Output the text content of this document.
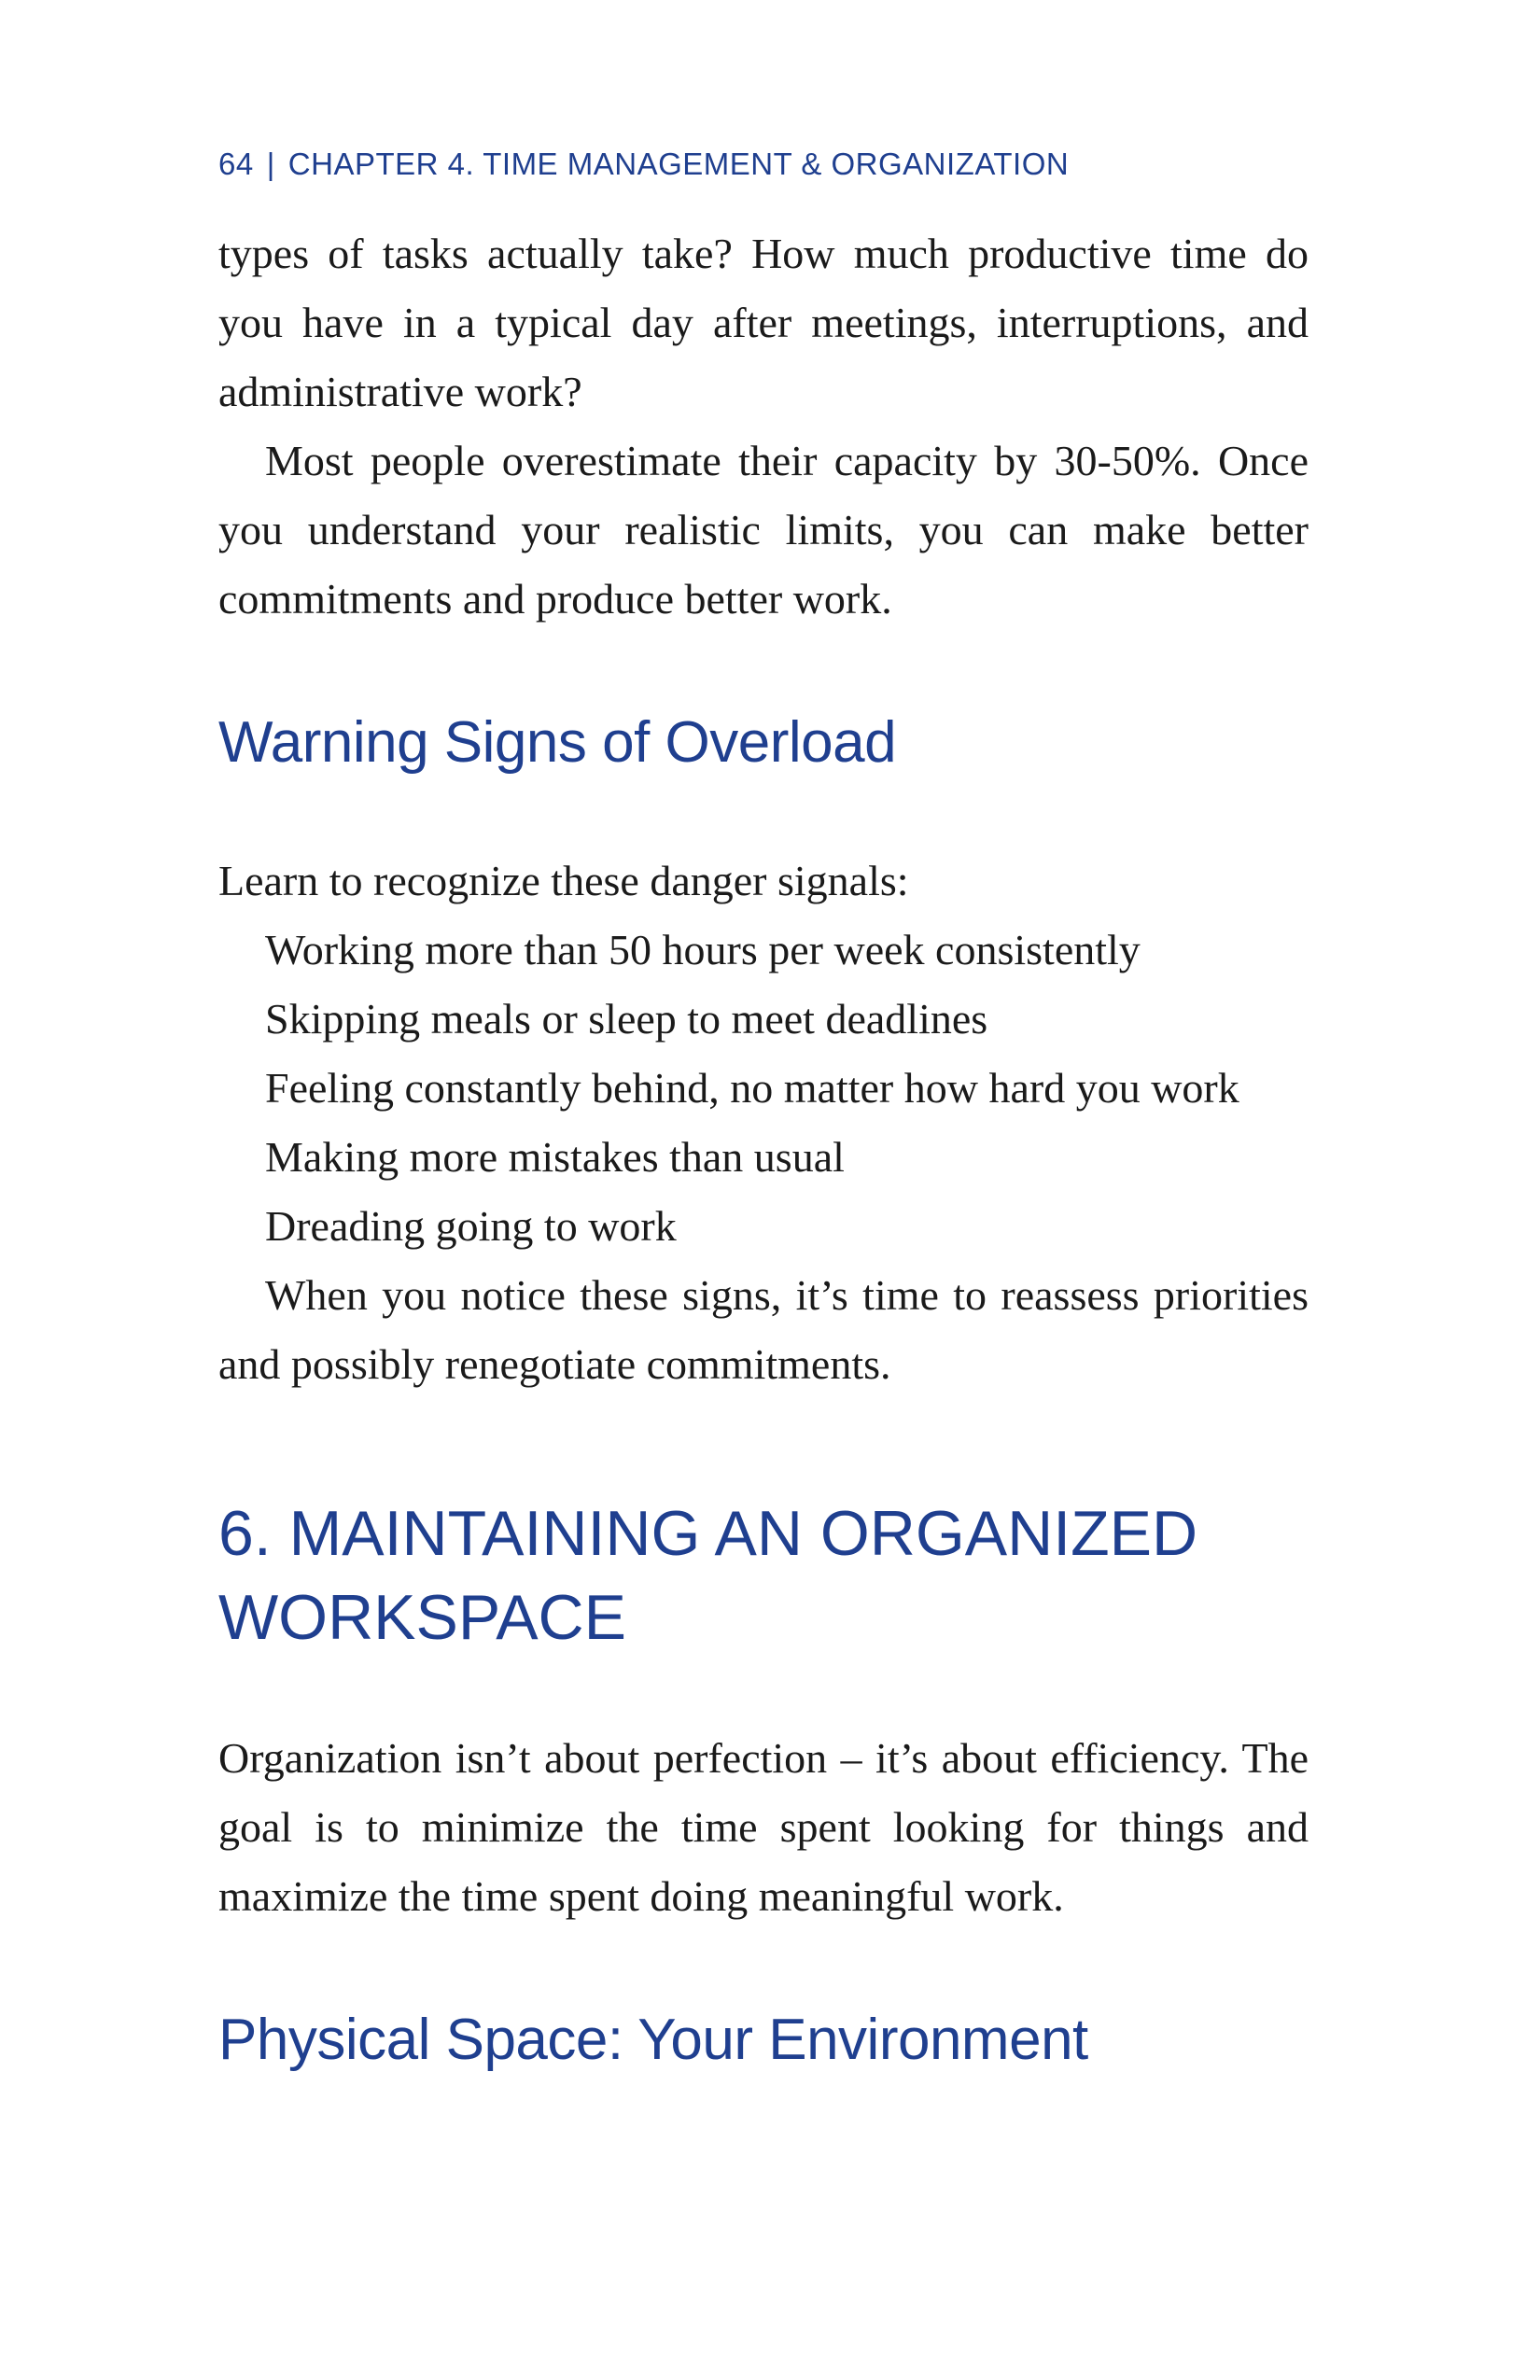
64 | CHAPTER 4. TIME MANAGEMENT & ORGANIZATION

types of tasks actually take? How much productive time do you have in a typical day after meetings, interruptions, and administrative work?

Most people overestimate their capacity by 30-50%. Once you understand your realistic limits, you can make better commitments and produce better work.

Warning Signs of Overload

Learn to recognize these danger signals:

Working more than 50 hours per week consistently

Skipping meals or sleep to meet deadlines

Feeling constantly behind, no matter how hard you work

Making more mistakes than usual

Dreading going to work

When you notice these signs, it’s time to reassess priorities and possibly renegotiate commitments.

6. MAINTAINING AN ORGANIZED WORKSPACE

Organization isn’t about perfection – it’s about efficiency. The goal is to minimize the time spent looking for things and maximize the time spent doing meaningful work.

Physical Space: Your Environment
